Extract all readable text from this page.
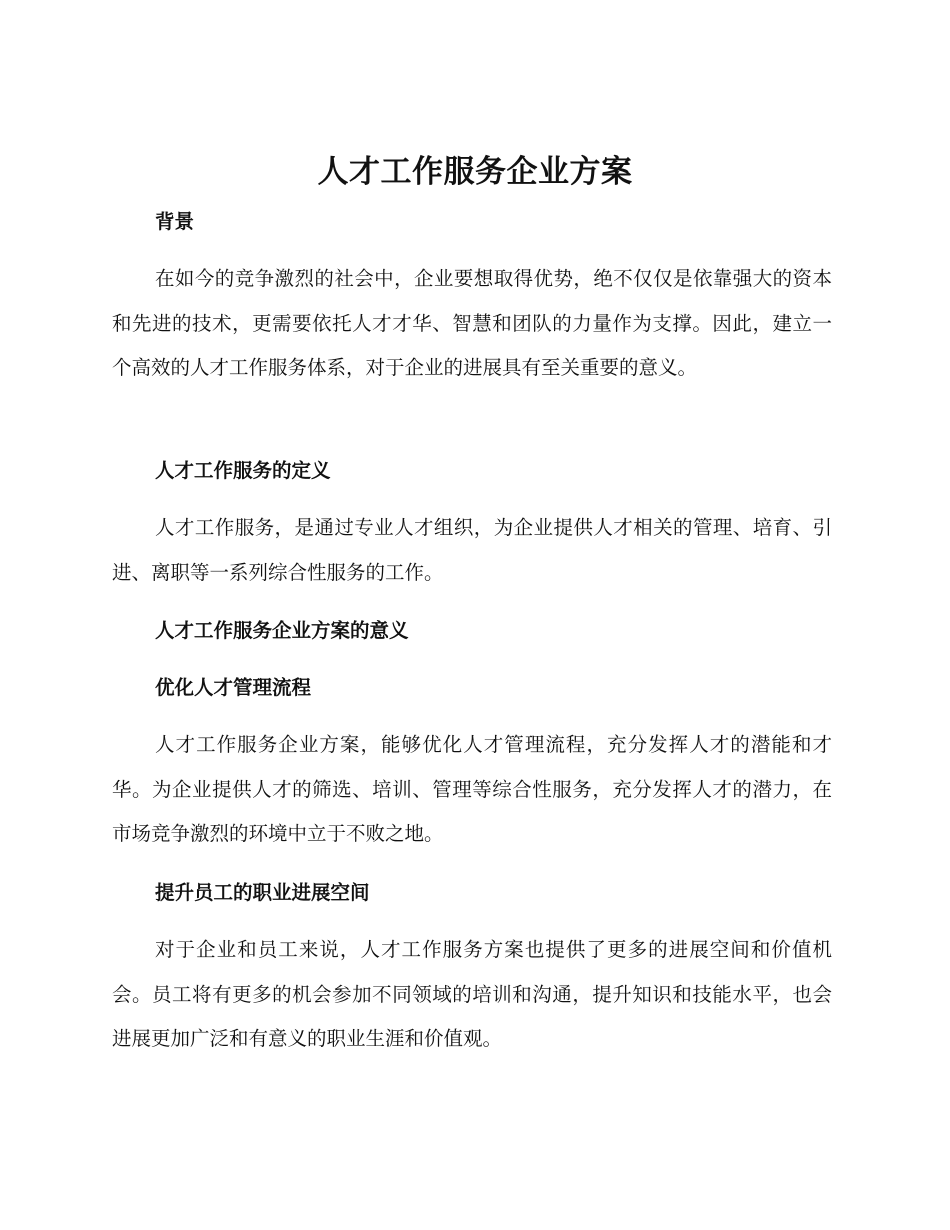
人才工作服务企业方案
背景

在如今的竞争激烈的社会中，企业要想取得优势，绝不仅仅是依靠强大的资本和先进的技术，更需要依托人才才华、智慧和团队的力量作为支撑。因此，建立一个高效的人才工作服务体系，对于企业的进展具有至关重要的意义。

人才工作服务的定义

人才工作服务，是通过专业人才组织，为企业提供人才相关的管理、培育、引进、离职等一系列综合性服务的工作。

人才工作服务企业方案的意义
优化人才管理流程

人才工作服务企业方案，能够优化人才管理流程，充分发挥人才的潜能和才华。为企业提供人才的筛选、培训、管理等综合性服务，充分发挥人才的潜力，在市场竞争激烈的环境中立于不败之地。

提升员工的职业进展空间

对于企业和员工来说，人才工作服务方案也提供了更多的进展空间和价值机会。员工将有更多的机会参加不同领域的培训和沟通，提升知识和技能水平，也会进展更加广泛和有意义的职业生涯和价值观。
